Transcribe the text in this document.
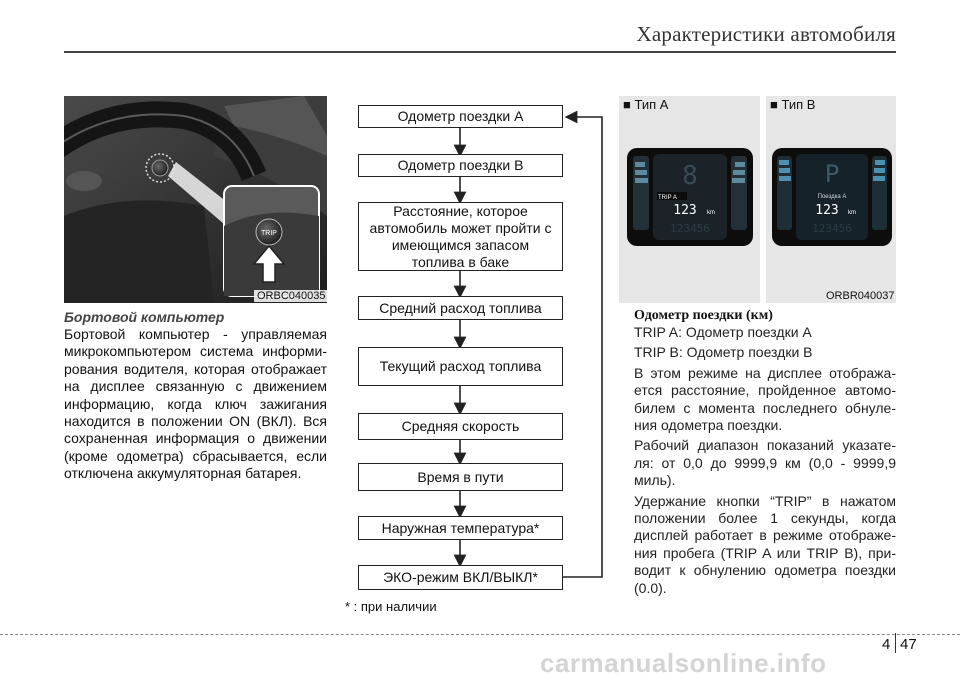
Характеристики автомобиля
TRIP
ORBC040035
Бортовой компьютер

Бортовой компьютер - управляемая микрокомпьютером система информирования водителя, которая отображает на дисплее связанную с движением информацию, когда ключ зажигания находится в положении ON (ВКЛ). Вся сохраненная информация о движении (кроме одометра) сбрасывается, если отключена аккумуляторная батарея.

Одометр поездки А
Одометр поездки В
Расстояние, которое автомобиль может пройти с имеющимся запасом топлива в баке
Средний расход топлива
Текущий расход топлива
Средняя скорость
Время в пути
Наружная температура*
ЭКО-режим ВКЛ/ВЫКЛ*
* : при наличии
■ Тип А
8
TRIP A
123 km
123456
■ Тип В
P
Поездка А
123 km
123456
ORBR040037
Одометр поездки (км)

TRIP A: Одометр поездки A

TRIP B: Одометр поездки B

В этом режиме на дисплее отображается расстояние, пройденное автомобилем с момента последнего обнуления одометра поездки.

Рабочий диапазон показаний указателя: от 0,0 до 9999,9 км (0,0 - 9999,9 миль).

Удержание кнопки “TRIP” в нажатом положении более 1 секунды, когда дисплей работает в режиме отображения пробега (TRIP A или TRIP B), приводит к обнулению одометра поездки (0.0).

4 47
carmanualsonline.info
